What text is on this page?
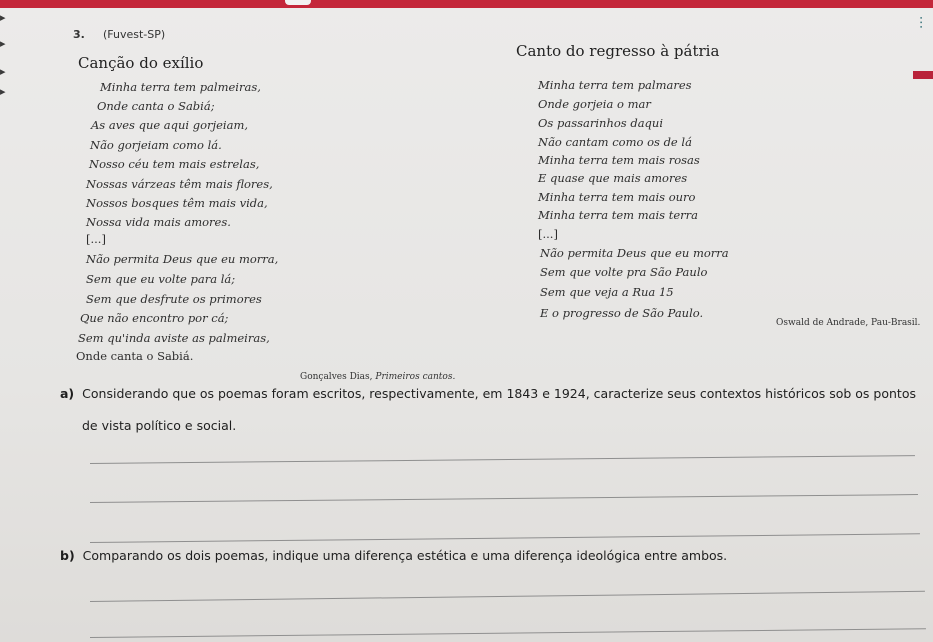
⫶
▸
▸
▸
▸
3. (Fuvest-SP)
Canção do exílio
Minha terra tem palmeiras,
Onde canta o Sabiá;
As aves que aqui gorjeiam,
Não gorjeiam como lá.
Nosso céu tem mais estrelas,
Nossas várzeas têm mais flores,
Nossos bosques têm mais vida,
Nossa vida mais amores.
[...]
Não permita Deus que eu morra,
Sem que eu volte para lá;
Sem que desfrute os primores
Que não encontro por cá;
Sem qu'inda aviste as palmeiras,
Onde canta o Sabiá.
Gonçalves Dias, Primeiros cantos.
Canto do regresso à pátria
Minha terra tem palmares
Onde gorjeia o mar
Os passarinhos daqui
Não cantam como os de lá
Minha terra tem mais rosas
E quase que mais amores
Minha terra tem mais ouro
Minha terra tem mais terra
[...]
Não permita Deus que eu morra
Sem que volte pra São Paulo
Sem que veja a Rua 15
E o progresso de São Paulo.
Oswald de Andrade, Pau-Brasil.
a) Considerando que os poemas foram escritos, respectivamente, em 1843 e 1924, caracterize seus contextos históricos sob os pontos
de vista político e social.
b) Comparando os dois poemas, indique uma diferença estética e uma diferença ideológica entre ambos.
